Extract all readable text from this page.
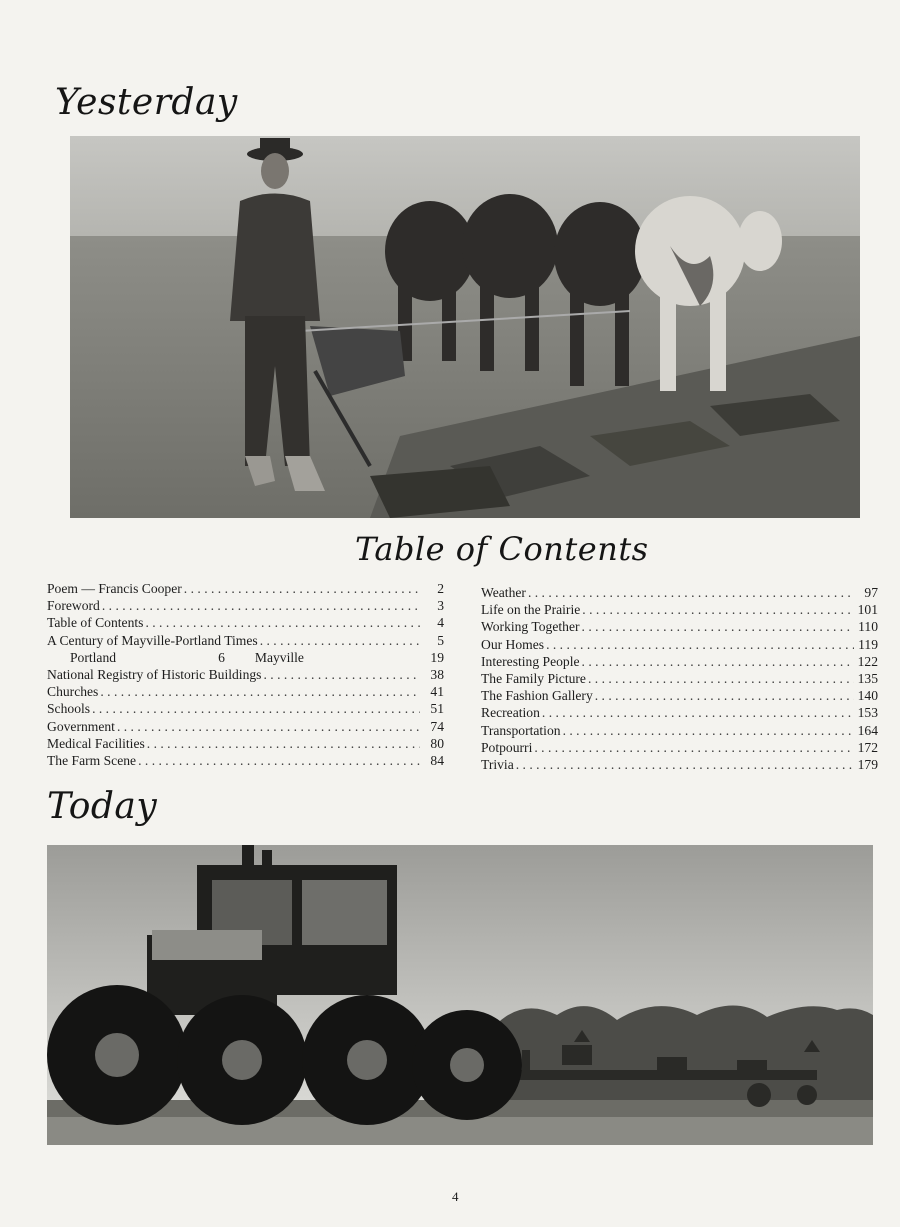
Yesterday
Table of Contents
Poem — Francis Cooper . . .	2
Foreword . . .	3
Table of Contents . . .	4
A Century of Mayville-Portland Times . . .	5
Portland	6 Mayville	19
National Registry of Historic Buildings . . .	38
Churches . . .	41
Schools . . .	51
Government . . .	74
Medical Facilities . . .	80
The Farm Scene . . .	84
Weather . . .	97
Life on the Prairie . . .	101
Working Together . . .	110
Our Homes . . .	119
Interesting People . . .	122
The Family Picture . . .	135
The Fashion Gallery . . .	140
Recreation . . .	153
Transportation . . .	164
Potpourri . . .	172
Trivia . . .	179
Today
4
